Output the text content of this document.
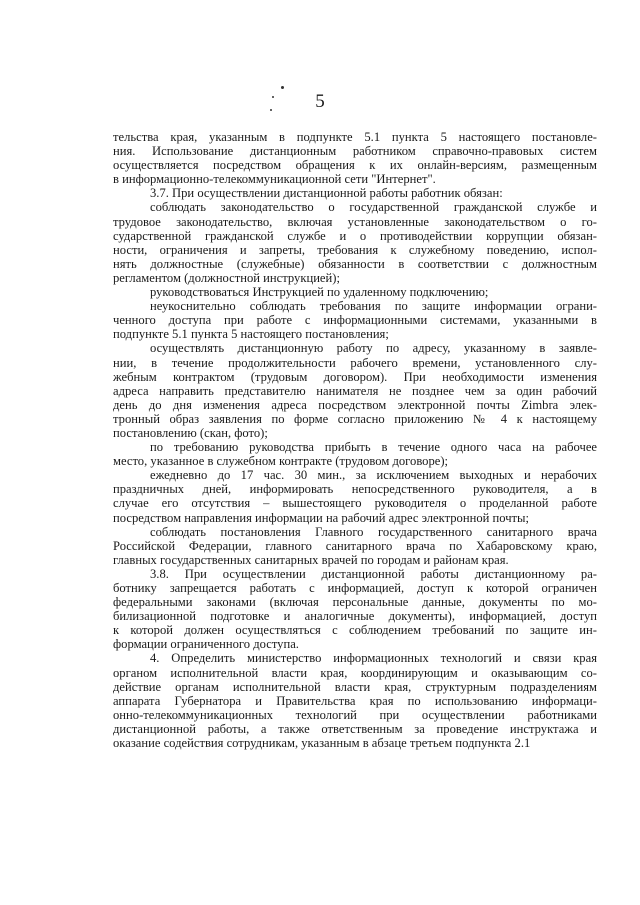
5
тельства края, указанным в подпункте 5.1 пункта 5 настоящего постановле-
ния. Использование дистанционным работником справочно-правовых систем
осуществляется посредством обращения к их онлайн-версиям, размещенным
в информационно-телекоммуникационной сети "Интернет".
3.7. При осуществлении дистанционной работы работник обязан:
соблюдать законодательство о государственной гражданской службе и
трудовое законодательство, включая установленные законодательством о го-
сударственной гражданской службе и о противодействии коррупции обязан-
ности, ограничения и запреты, требования к служебному поведению, испол-
нять должностные (служебные) обязанности в соответствии с должностным
регламентом (должностной инструкцией);
руководствоваться Инструкцией по удаленному подключению;
неукоснительно соблюдать требования по защите информации ограни-
ченного доступа при работе с информационными системами, указанными в
подпункте 5.1 пункта 5 настоящего постановления;
осуществлять дистанционную работу по адресу, указанному в заявле-
нии, в течение продолжительности рабочего времени, установленного слу-
жебным контрактом (трудовым договором). При необходимости изменения
адреса направить представителю нанимателя не позднее чем за один рабочий
день до дня изменения адреса посредством электронной почты Zimbra элек-
тронный образ заявления по форме согласно приложению № 4 к настоящему
постановлению (скан, фото);
по требованию руководства прибыть в течение одного часа на рабочее
место, указанное в служебном контракте (трудовом договоре);
ежедневно до 17 час. 30 мин., за исключением выходных и нерабочих
праздничных дней, информировать непосредственного руководителя, а в
случае его отсутствия – вышестоящего руководителя о проделанной работе
посредством направления информации на рабочий адрес электронной почты;
соблюдать постановления Главного государственного санитарного врача
Российской Федерации, главного санитарного врача по Хабаровскому краю,
главных государственных санитарных врачей по городам и районам края.
3.8. При осуществлении дистанционной работы дистанционному ра-
ботнику запрещается работать с информацией, доступ к которой ограничен
федеральными законами (включая персональные данные, документы по мо-
билизационной подготовке и аналогичные документы), информацией, доступ
к которой должен осуществляться с соблюдением требований по защите ин-
формации ограниченного доступа.
4. Определить министерство информационных технологий и связи края
органом исполнительной власти края, координирующим и оказывающим со-
действие органам исполнительной власти края, структурным подразделениям
аппарата Губернатора и Правительства края по использованию информаци-
онно-телекоммуникационных технологий при осуществлении работниками
дистанционной работы, а также ответственным за проведение инструктажа и
оказание содействия сотрудникам, указанным в абзаце третьем подпункта 2.1
